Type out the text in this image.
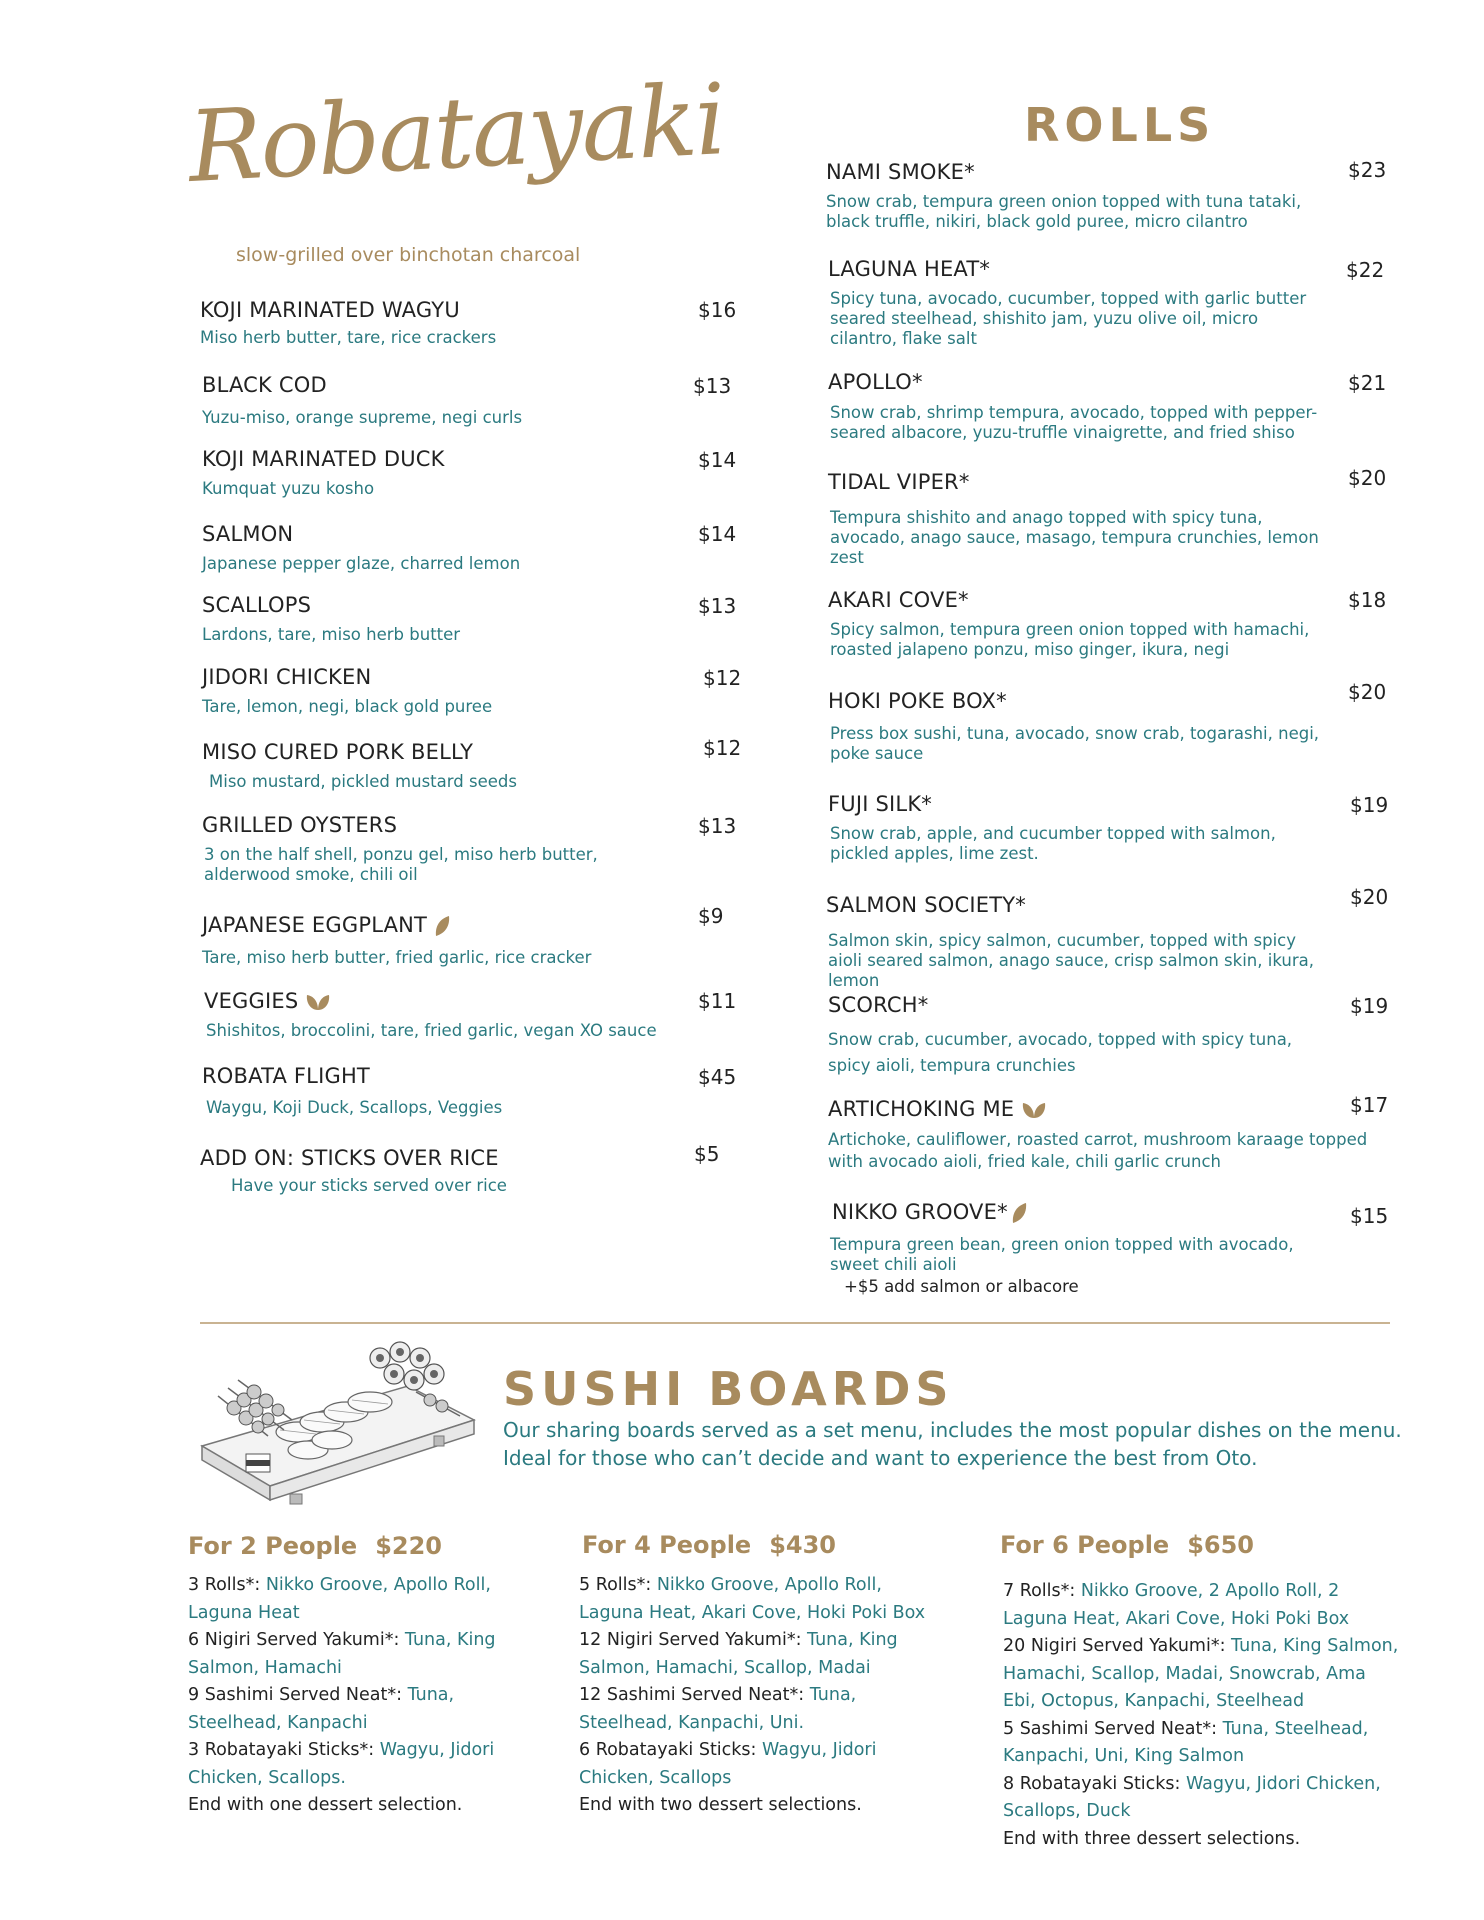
Robatayaki
slow-grilled over binchotan charcoal
KOJI MARINATED WAGYU
Miso herb butter, tare, rice crackers
$16
BLACK COD
Yuzu-miso, orange supreme, negi curls
$13
KOJI MARINATED DUCK
Kumquat yuzu kosho
$14
SALMON
Japanese pepper glaze, charred lemon
$14
SCALLOPS
Lardons, tare, miso herb butter
$13
JIDORI CHICKEN
Tare, lemon, negi, black gold puree
$12
MISO CURED PORK BELLY
Miso mustard, pickled mustard seeds
$12
GRILLED OYSTERS
3 on the half shell, ponzu gel, miso herb butter, alderwood smoke, chili oil
$13
JAPANESE EGGPLANT
Tare, miso herb butter, fried garlic, rice cracker
$9
VEGGIES
Shishitos, broccolini, tare, fried garlic, vegan XO sauce
$11
ROBATA FLIGHT
Waygu, Koji Duck, Scallops, Veggies
$45
ADD ON: STICKS OVER RICE
Have your sticks served over rice
$5
ROLLS
NAMI SMOKE*
Snow crab, tempura green onion topped with tuna tataki, black truffle, nikiri, black gold puree, micro cilantro
$23
LAGUNA HEAT*
Spicy tuna, avocado, cucumber, topped with garlic butter seared steelhead, shishito jam, yuzu olive oil, micro cilantro, flake salt
$22
APOLLO*
Snow crab, shrimp tempura, avocado, topped with pepper-seared albacore, yuzu-truffle vinaigrette, and fried shiso
$21
TIDAL VIPER*
Tempura shishito and anago topped with spicy tuna, avocado, anago sauce, masago, tempura crunchies, lemon zest
$20
AKARI COVE*
Spicy salmon, tempura green onion topped with hamachi, roasted jalapeno ponzu, miso ginger, ikura, negi
$18
HOKI POKE BOX*
Press box sushi, tuna, avocado, snow crab, togarashi, negi, poke sauce
$20
FUJI SILK*
Snow crab, apple, and cucumber topped with salmon, pickled apples, lime zest.
$19
SALMON SOCIETY*
Salmon skin, spicy salmon, cucumber, topped with spicy aioli seared salmon, anago sauce, crisp salmon skin, ikura, lemon
$20
SCORCH*
Snow crab, cucumber, avocado, topped with spicy tuna, spicy aioli, tempura crunchies
$19
ARTICHOKING ME
Artichoke, cauliflower, roasted carrot, mushroom karaage topped with avocado aioli, fried kale, chili garlic crunch
$17
NIKKO GROOVE*
Tempura green bean, green onion topped with avocado, sweet chili aioli
+$5 add salmon or albacore
$15
SUSHI BOARDS
Our sharing boards served as a set menu, includes the most popular dishes on the menu. Ideal for those who can’t decide and want to experience the best from Oto.
For 2 People $220
3 Rolls*: Nikko Groove, Apollo Roll, Laguna Heat
6 Nigiri Served Yakumi*: Tuna, King Salmon, Hamachi
9 Sashimi Served Neat*: Tuna, Steelhead, Kanpachi
3 Robatayaki Sticks*: Wagyu, Jidori Chicken, Scallops.
End with one dessert selection.
For 4 People $430
5 Rolls*: Nikko Groove, Apollo Roll, Laguna Heat, Akari Cove, Hoki Poki Box
12 Nigiri Served Yakumi*: Tuna, King Salmon, Hamachi, Scallop, Madai
12 Sashimi Served Neat*: Tuna, Steelhead, Kanpachi, Uni.
6 Robatayaki Sticks: Wagyu, Jidori Chicken, Scallops
End with two dessert selections.
For 6 People $650
7 Rolls*: Nikko Groove, 2 Apollo Roll, 2 Laguna Heat, Akari Cove, Hoki Poki Box
20 Nigiri Served Yakumi*: Tuna, King Salmon, Hamachi, Scallop, Madai, Snowcrab, Ama Ebi, Octopus, Kanpachi, Steelhead
5 Sashimi Served Neat*: Tuna, Steelhead, Kanpachi, Uni, King Salmon
8 Robatayaki Sticks: Wagyu, Jidori Chicken, Scallops, Duck
End with three dessert selections.
